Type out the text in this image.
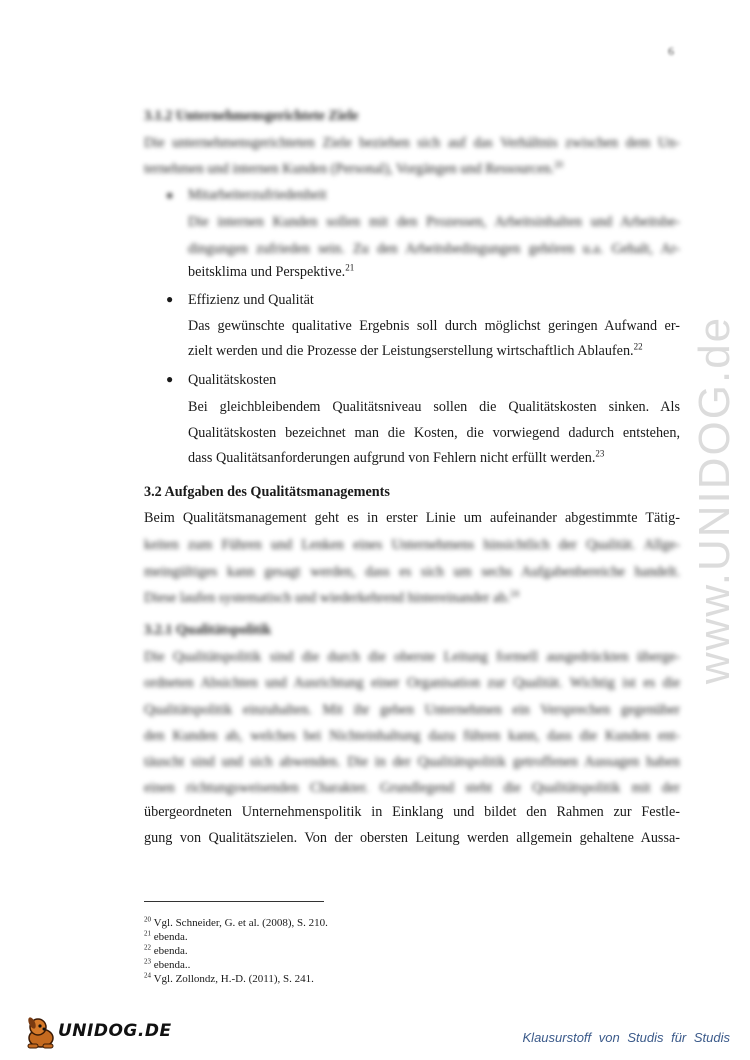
6
www.UNIDOG.de
3.1.2 Unternehmensgerichtete Ziele
Die unternehmensgerichteten Ziele beziehen sich auf das Verhältnis zwischen dem Un-
ternehmen und internen Kunden (Personal), Vorgängen und Ressourcen.$^{20}$
● Mitarbeiterzufriedenheit
Die internen Kunden sollen mit den Prozessen, Arbeitsinhalten und Arbeitsbe-
dingungen zufrieden sein. Zu den Arbeitsbedingungen gehören u.a. Gehalt, Ar-
beitsklima und Perspektive.$^{21}$
● Effizienz und Qualität
Das gewünschte qualitative Ergebnis soll durch möglichst geringen Aufwand er-
zielt werden und die Prozesse der Leistungserstellung wirtschaftlich Ablaufen.$^{22}$
● Qualitätskosten
Bei gleichbleibendem Qualitätsniveau sollen die Qualitätskosten sinken. Als
Qualitätskosten bezeichnet man die Kosten, die vorwiegend dadurch entstehen,
dass Qualitätsanforderungen aufgrund von Fehlern nicht erfüllt werden.$^{23}$
3.2 Aufgaben des Qualitätsmanagements
Beim Qualitätsmanagement geht es in erster Linie um aufeinander abgestimmte Tätig-
keiten zum Führen und Lenken eines Unternehmens hinsichtlich der Qualität. Allge-
meingültiges kann gesagt werden, dass es sich um sechs Aufgabenbereiche handelt.
Diese laufen systematisch und wiederkehrend hintereinander ab.$^{24}$
3.2.1 Qualitätspolitik
Die Qualitätspolitik sind die durch die oberste Leitung formell ausgedrückten überge-
ordneten Absichten und Ausrichtung einer Organisation zur Qualität. Wichtig ist es die
Qualitätspolitik einzuhalten. Mit ihr geben Unternehmen ein Versprechen gegenüber
den Kunden ab, welches bei Nichteinhaltung dazu führen kann, dass die Kunden ent-
täuscht sind und sich abwenden. Die in der Qualitätspolitik getroffenen Aussagen haben
einen richtungsweisenden Charakter. Grundlegend steht die Qualitätspolitik mit der
übergeordneten Unternehmenspolitik in Einklang und bildet den Rahmen zur Festle-
gung von Qualitätszielen. Von der obersten Leitung werden allgemein gehaltene Aussa-
$^{20}$ Vgl. Schneider, G. et al. (2008), S. 210.
$^{21}$ ebenda.
$^{22}$ ebenda.
$^{23}$ ebenda..
$^{24}$ Vgl. Zollondz, H.-D. (2011), S. 241.
UNIDOG.DE	Klausurstoff von Studis für Studis
